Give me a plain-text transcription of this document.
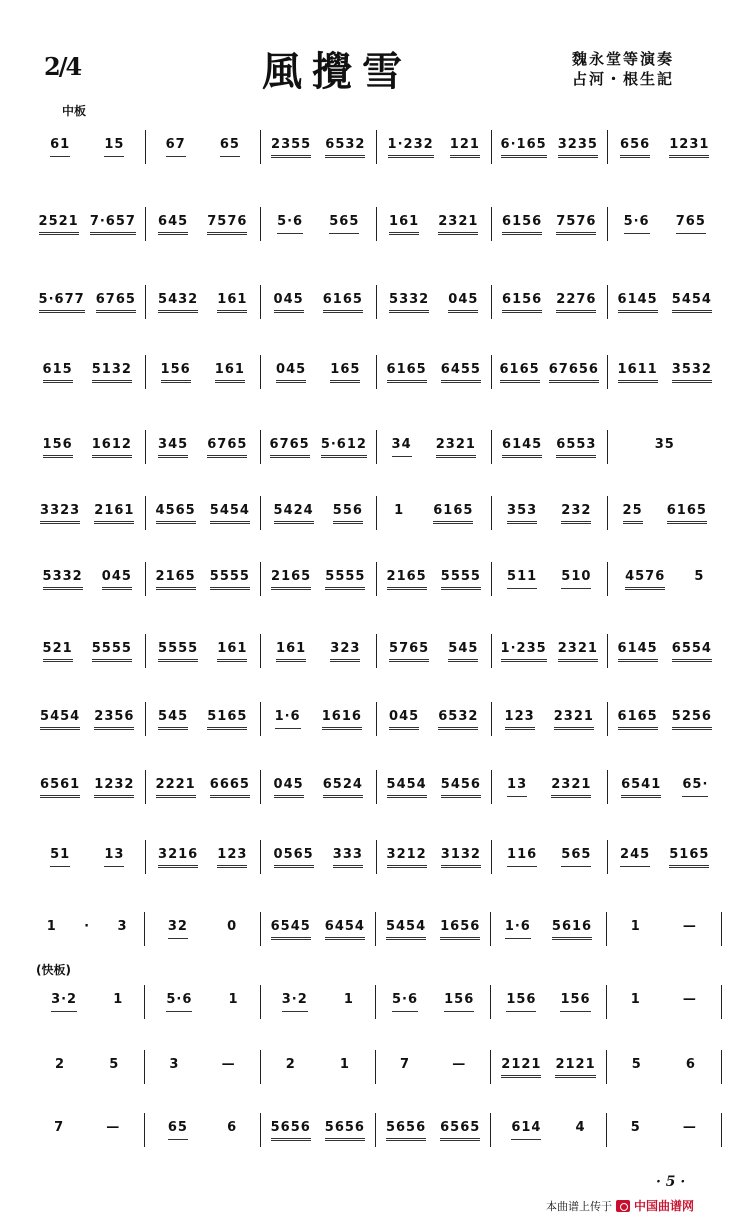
2/4	風攪雪	魏永堂等演奏
占河・根生記
中板
(快板)
61	15	67	65 2355 6532 1·232 121 6·165 3235 656 1231
2521 7·657 645 7576 5·6 565 161 2321 6156 7576 5·6 765
5·677 6765 5432 161 045 6165 5332 045 6156 2276 6145 5454
615 5132 156 161 045 165 6165 6455 6165 67656 1611 3532
156 1612 345 6765 6765 5·612 34 2321 6145 6553	35
3323 2161 4565 5454 5424 556 1 6165	353 232 25 6165
5332 045 2165 5555 2165 5555 2165 5555 511 510	4576 5
521 5555 5555 161 161 323 5765 545 1·235 2321 6145 6554
5454 2356 545 5165 1·6 1616 045 6532 123 2321 6165 5256
6561 1232 2221 6665 045 6524 5454 5456 13 2321 6541 65·
51	13	3216 123 0565 333 3212 3132 116 565 245 5165
1 · 3	32	0	6545 6454 5454 1656 1·6 5616	1	—
3·2	1	5·6	1	3·2	1	5·6 156 156 156	1	—
2	5	3	—	2	1	7	—	2121 2121	5	6
7	—	65	6	5656 5656 5656 6565 614	4	5	—
· 5 ·
本曲谱上传于 中国曲谱网
